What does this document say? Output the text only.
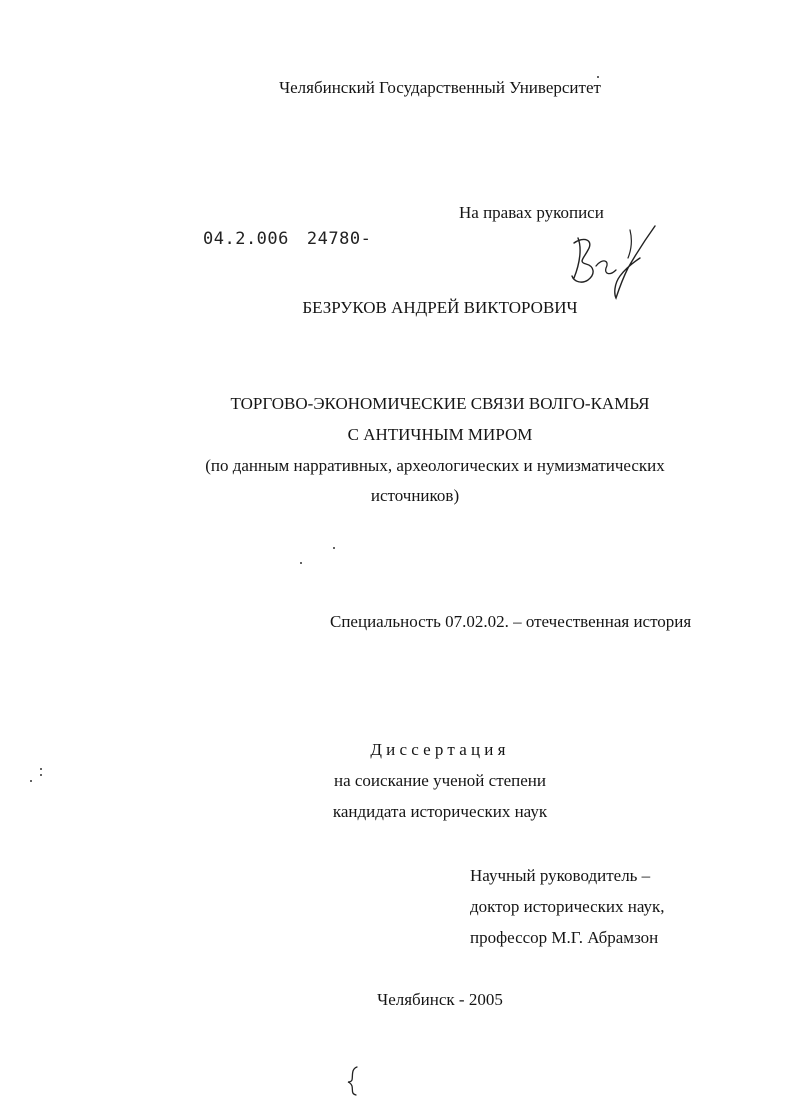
Челябинский Государственный Университет
На правах рукописи
04.2.006 24780-
БЕЗРУКОВ АНДРЕЙ ВИКТОРОВИЧ
ТОРГОВО-ЭКОНОМИЧЕСКИЕ СВЯЗИ ВОЛГО-КАМЬЯ
С АНТИЧНЫМ МИРОМ
(по данным нарративных, археологических и нумизматических
источников)
Специальность 07.02.02. – отечественная история
Диссертация
на соискание ученой степени
кандидата исторических наук
Научный руководитель –
доктор исторических наук,
профессор М.Г. Абрамзон
Челябинск - 2005
